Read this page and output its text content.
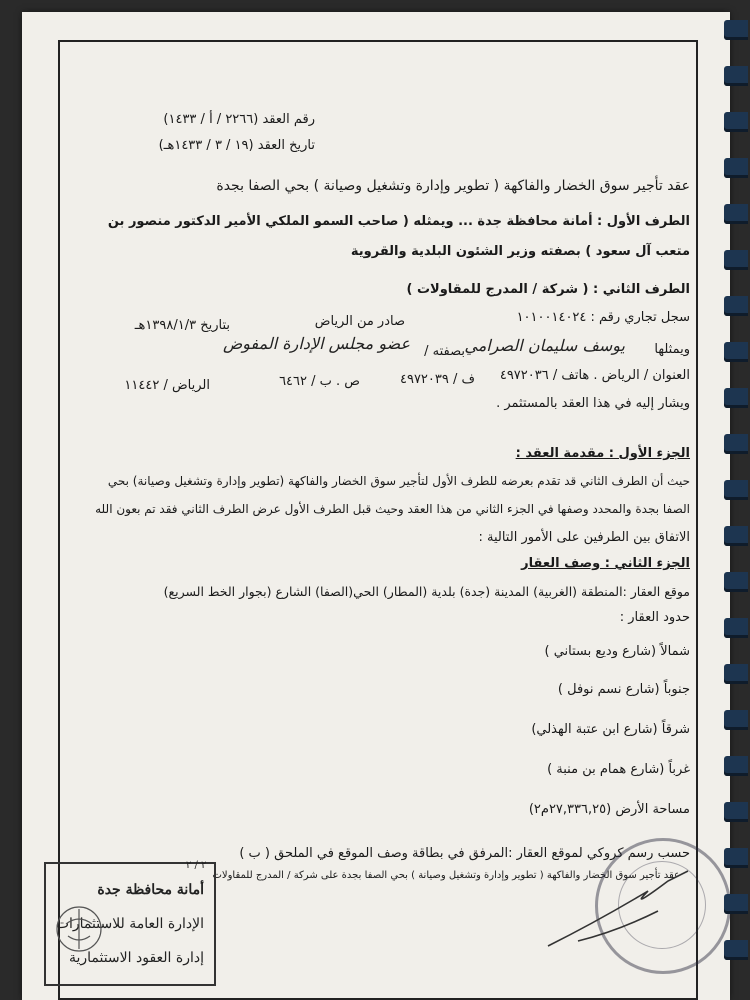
رقم العقد (٢٢٦٦ / أ / ١٤٣٣)
تاريخ العقد (١٩ / ٣ / ١٤٣٣هـ)
عقد تأجير سوق الخضار والفاكهة ( تطوير وإدارة وتشغيل وصيانة ) بحي الصفا بجدة
الطرف الأول : أمانة محافظة جدة ... ويمثله ( صاحب السمو الملكي الأمير الدكتور منصور بن
متعب آل سعود ) بصفته وزير الشئون البلدية والقروية
الطرف الثاني : ( شركة / المدرج للمقاولات )
سجل تجاري رقم : ١٠١٠٠١٤٠٢٤
صادر من الرياض
بتاريخ ١٣٩٨/١/٣هـ
ويمثلها
يوسف سليمان الصرامي
بصفته /
عضو مجلس الإدارة المفوض
العنوان / الرياض . هاتف / ٤٩٧٢٠٣٦
ف / ٤٩٧٢٠٣٩
ص . ب / ٦٤٦٢
الرياض / ١١٤٤٢
ويشار إليه في هذا العقد بالمستثمر .
الجزء الأول : مقدمة العقد :
حيث أن الطرف الثاني قد تقدم بعرضه للطرف الأول لتأجير سوق الخضار والفاكهة (تطوير وإدارة وتشغيل وصيانة) بحي
الصفا بجدة والمحدد وصفها في الجزء الثاني من هذا العقد وحيث قبل الطرف الأول عرض الطرف الثاني فقد تم بعون الله
الاتفاق بين الطرفين على الأمور التالية :
الجزء الثاني : وصف العقار
موقع العقار :المنطقة (الغربية) المدينة (جدة) بلدية (المطار) الحي(الصفا) الشارع (بجوار الخط السريع)
حدود العقار :
شمالاً (شارع وديع بستاني )
جنوباً (شارع نسم نوفل )
شرقاً (شارع ابن عتبة الهذلي)
غرباً (شارع همام بن منبة )
مساحة الأرض (٢٧,٣٣٦,٢٥م٢)
حسب رسم كروكي لموقع العقار :المرفق في بطاقة وصف الموقع في الملحق ( ب )
عقد تأجير سوق الخضار والفاكهة ( تطوير وإدارة وتشغيل وصيانة ) بحي الصفا بجدة على شركة / المدرج للمقاولات
أمانة محافظة جدة
الإدارة العامة للاستثمارات
إدارة العقود الاستثمارية
٢ / ٢
